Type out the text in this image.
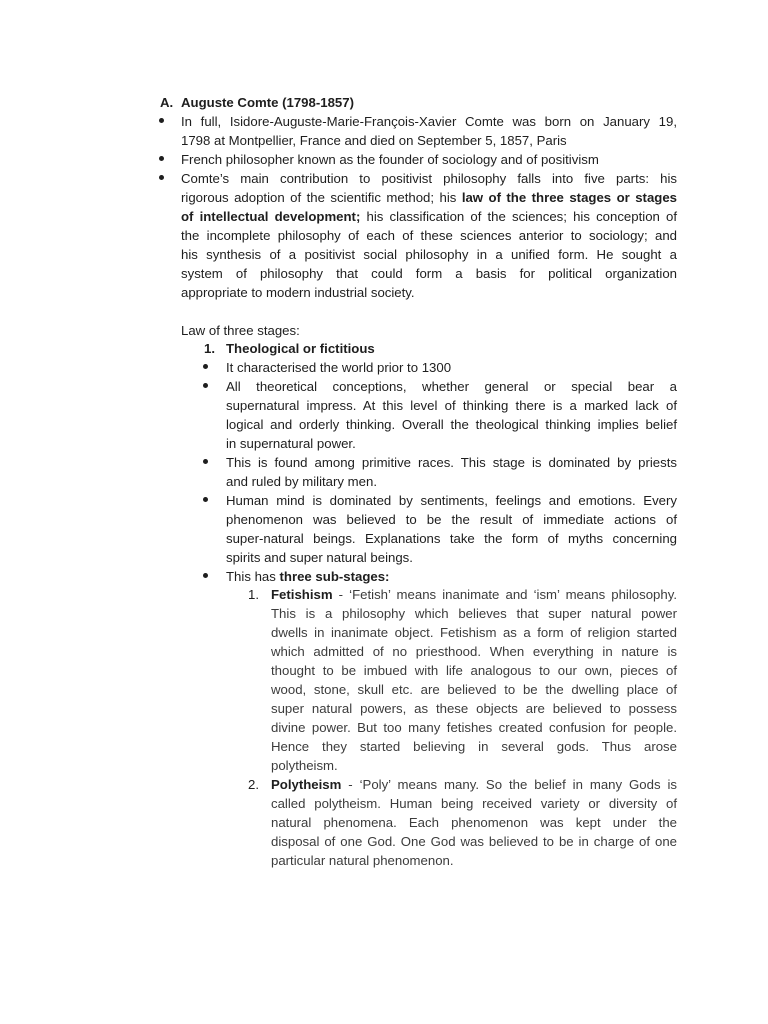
A. Auguste Comte (1798-1857)
In full, Isidore-Auguste-Marie-François-Xavier Comte was born on January 19,
1798 at Montpellier, France and died on September 5, 1857, Paris
French philosopher known as the founder of sociology and of positivism
Comte’s main contribution to positivist philosophy falls into five parts: his
rigorous adoption of the scientific method; his law of the three stages or stages
of intellectual development; his classification of the sciences; his conception of
the incomplete philosophy of each of these sciences anterior to sociology; and
his synthesis of a positivist social philosophy in a unified form. He sought a
system of philosophy that could form a basis for political organization
appropriate to modern industrial society.
Law of three stages:
1. Theological or fictitious
It characterised the world prior to 1300
All theoretical conceptions, whether general or special bear a
supernatural impress. At this level of thinking there is a marked lack of
logical and orderly thinking. Overall the theological thinking implies belief
in supernatural power.
This is found among primitive races. This stage is dominated by priests
and ruled by military men.
Human mind is dominated by sentiments, feelings and emotions. Every
phenomenon was believed to be the result of immediate actions of
super-natural beings. Explanations take the form of myths concerning
spirits and super natural beings.
This has three sub-stages:
1. Fetishism - ‘Fetish’ means inanimate and ‘ism’ means philosophy.
This is a philosophy which believes that super natural power
dwells in inanimate object. Fetishism as a form of religion started
which admitted of no priesthood. When everything in nature is
thought to be imbued with life analogous to our own, pieces of
wood, stone, skull etc. are believed to be the dwelling place of
super natural powers, as these objects are believed to possess
divine power. But too many fetishes created confusion for people.
Hence they started believing in several gods. Thus arose
polytheism.
2. Polytheism - ‘Poly’ means many. So the belief in many Gods is
called polytheism. Human being received variety or diversity of
natural phenomena. Each phenomenon was kept under the
disposal of one God. One God was believed to be in charge of one
particular natural phenomenon.
